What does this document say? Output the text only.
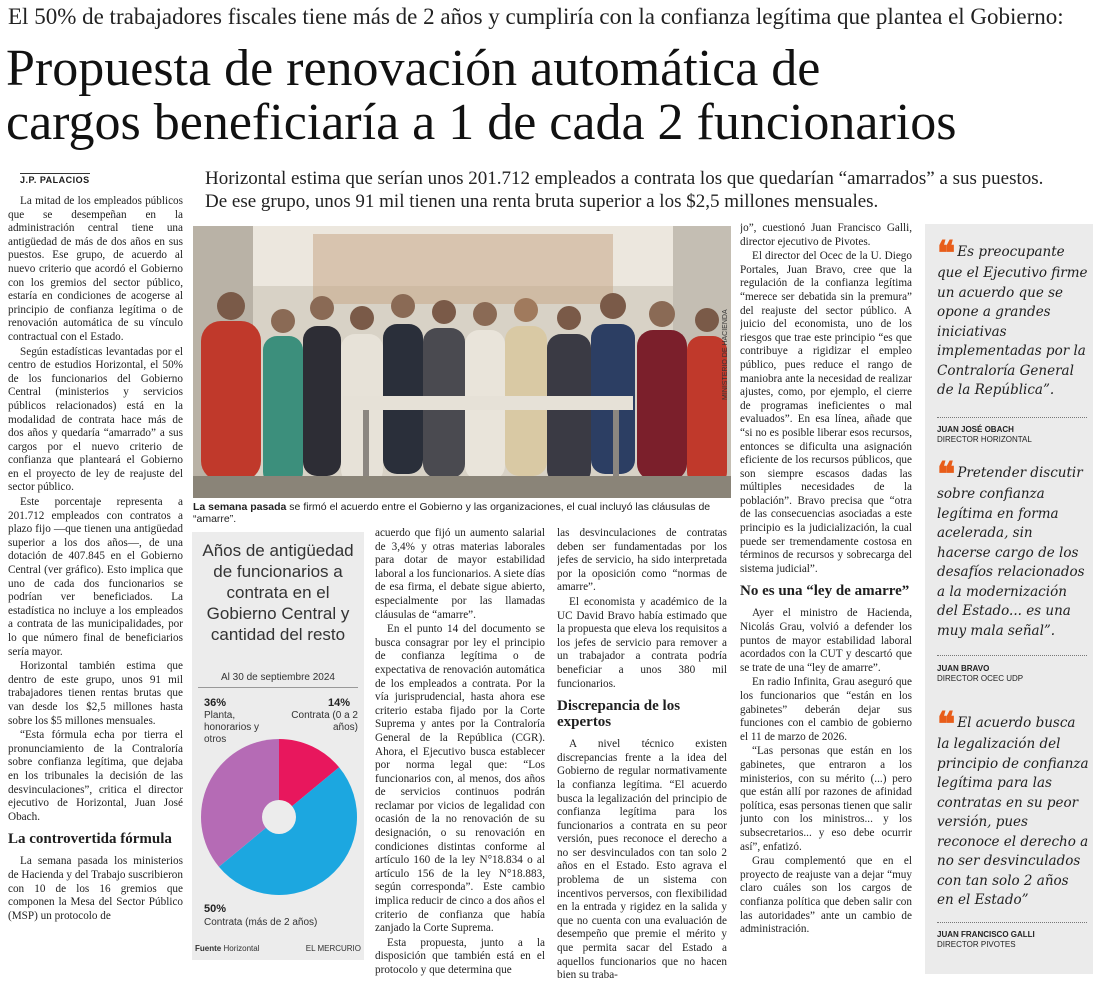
El 50% de trabajadores fiscales tiene más de 2 años y cumpliría con la confianza legítima que plantea el Gobierno:
Propuesta de renovación automática de
cargos beneficiaría a 1 de cada 2 funcionarios
J.P. PALACIOS	Horizontal estima que serían unos 201.712 empleados a contrata los que quedarían “amarrados” a sus puestos. De ese grupo, unos 91 mil tienen una renta bruta superior a los $2,5 millones mensuales.

La mitad de los empleados públicos que se desempeñan en la administración central tiene una antigüedad de más de dos años en sus puestos. Ese grupo, de acuerdo al nuevo criterio que acordó el Gobierno con los gremios del sector público, estaría en condiciones de acogerse al principio de confianza legítima o de renovación automática de su vínculo contractual con el Estado.

Según estadísticas levantadas por el centro de estudios Horizontal, el 50% de los funcionarios del Gobierno Central (ministerios y servicios públicos relacionados) está en la modalidad de contrata hace más de dos años y quedaría “amarrado” a sus cargos por el nuevo criterio de confianza que planteará el Gobierno en el proyecto de ley de reajuste del sector público.

Este porcentaje representa a 201.712 empleados con contratos a plazo fijo —que tienen una antigüedad superior a los dos años—, de una dotación de 407.845 en el Gobierno Central (ver gráfico). Esto implica que uno de cada dos funcionarios se podrían ver beneficiados. La estadística no incluye a los empleados a contrata de las municipalidades, por lo que número final de beneficiarios sería mayor.

Horizontal también estima que dentro de este grupo, unos 91 mil trabajadores tienen rentas brutas que van desde los $2,5 millones hasta sobre los $5 millones mensuales.

“Esta fórmula echa por tierra el pronunciamiento de la Contraloría sobre confianza legítima, que dejaba en los tribunales la decisión de las desvinculaciones”, critica el director ejecutivo de Horizontal, Juan José Obach.

La controvertida fórmula

La semana pasada los ministerios de Hacienda y del Trabajo suscribieron con 10 de los 16 gremios que componen la Mesa del Sector Público (MSP) un protocolo de

MINISTERIO DE HACIENDA
La semana pasada se firmó el acuerdo entre el Gobierno y las organizaciones, el cual incluyó las cláusulas de “amarre”.
Años de antigüedad de funcionarios a contrata en el Gobierno Central y cantidad del resto
Al 30 de septiembre 2024
36%
Planta, honorarios y otros
14%
Contrata (0 a 2 años)
50%
Contrata (más de 2 años)
Fuente Horizontal	EL MERCURIO

acuerdo que fijó un aumento salarial de 3,4% y otras materias laborales para dotar de mayor estabilidad laboral a los funcionarios. A siete días de esa firma, el debate sigue abierto, especialmente por las llamadas cláusulas de “amarre”.

En el punto 14 del documento se busca consagrar por ley el principio de confianza legítima o de expectativa de renovación automática de los empleados a contrata. Por la vía jurisprudencial, hasta ahora ese criterio estaba fijado por la Corte Suprema y antes por la Contraloría General de la República (CGR). Ahora, el Ejecutivo busca establecer por norma legal que: “Los funcionarios con, al menos, dos años de servicios continuos podrán reclamar por vicios de legalidad con ocasión de la no renovación de su designación, o su renovación en condiciones distintas conforme al artículo 160 de la ley N°18.834 o al artículo 156 de la ley N°18.883, según corresponda”. Este cambio implica reducir de cinco a dos años el criterio de confianza que había zanjado la Corte Suprema.

Esta propuesta, junto a la disposición que también está en el protocolo y que determina que

las desvinculaciones de contratas deben ser fundamentadas por los jefes de servicio, ha sido interpretada por la oposición como “normas de amarre”.

El economista y académico de la UC David Bravo había estimado que la propuesta que eleva los requisitos a los jefes de servicio para remover a un trabajador a contrata podría beneficiar a unos 380 mil funcionarios.

Discrepancia de los expertos

A nivel técnico existen discrepancias frente a la idea del Gobierno de regular normativamente la confianza legítima. “El acuerdo busca la legalización del principio de confianza legítima para los funcionarios a contrata en su peor versión, pues reconoce el derecho a no ser desvinculados con tan solo 2 años en el Estado. Esto agrava el problema de un sistema con incentivos perversos, con flexibilidad en la entrada y rigidez en la salida y que no cuenta con una evaluación de desempeño que premie el mérito y que permita sacar del Estado a aquellos funcionarios que no hacen bien su traba-

jo”, cuestionó Juan Francisco Galli, director ejecutivo de Pivotes.

El director del Ocec de la U. Diego Portales, Juan Bravo, cree que la regulación de la confianza legítima “merece ser debatida sin la premura” del reajuste del sector público. A juicio del economista, uno de los riesgos que trae este principio “es que contribuye a rigidizar el empleo público, pues reduce el rango de maniobra ante la necesidad de realizar ajustes, como, por ejemplo, el cierre de programas ineficientes o mal evaluados”. En esa línea, añade que “si no es posible liberar esos recursos, entonces se dificulta una asignación eficiente de los recursos públicos, que son siempre escasos dadas las múltiples necesidades de la población”. Bravo precisa que “otra de las consecuencias asociadas a este principio es la judicialización, la cual puede ser tremendamente costosa en términos de recursos y sobrecarga del sistema judicial”.

No es una “ley de amarre”

Ayer el ministro de Hacienda, Nicolás Grau, volvió a defender los puntos de mayor estabilidad laboral acordados con la CUT y descartó que se trate de una “ley de amarre”.

En radio Infinita, Grau aseguró que los funcionarios que “están en los gabinetes” deberán dejar sus funciones con el cambio de gobierno el 11 de marzo de 2026.

“Las personas que están en los gabinetes, que entraron a los ministerios, con su mérito (...) pero que están allí por razones de afinidad política, esas personas tienen que salir junto con los ministros... y los subsecretarios... y eso debe ocurrir así”, enfatizó.

Grau complementó que en el proyecto de reajuste van a dejar “muy claro cuáles son los cargos de confianza política que deben salir con las autoridades” ante un cambio de administración.

❝ Es preocupante que el Ejecutivo firme un acuerdo que se opone a grandes iniciativas implementadas por la Contraloría General de la República”.
JUAN JOSÉ OBACH
DIRECTOR HORIZONTAL
❝ Pretender discutir sobre confianza legítima en forma acelerada, sin hacerse cargo de los desafíos relacionados a la modernización del Estado... es una muy mala señal”.
JUAN BRAVO
DIRECTOR OCEC UDP
❝ El acuerdo busca la legalización del principio de confianza legítima para las contratas en su peor versión, pues reconoce el derecho a no ser desvinculados con tan solo 2 años en el Estado”
JUAN FRANCISCO GALLI
DIRECTOR PIVOTES
